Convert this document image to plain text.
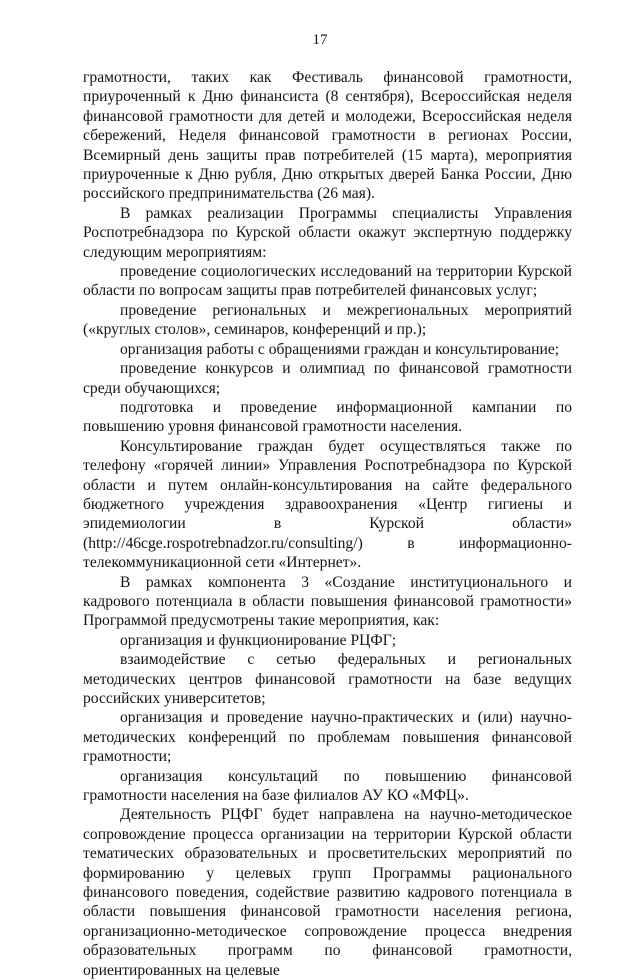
17

грамотности, таких как Фестиваль финансовой грамотности, приуроченный к Дню финансиста (8 сентября), Всероссийская неделя финансовой грамотности для детей и молодежи, Всероссийская неделя сбережений, Неделя финансовой грамотности в регионах России, Всемирный день защиты прав потребителей (15 марта), мероприятия приуроченные к Дню рубля, Дню открытых дверей Банка России, Дню российского предпринимательства (26 мая).

В рамках реализации Программы специалисты Управления Роспотребнадзора по Курской области окажут экспертную поддержку следующим мероприятиям:

проведение социологических исследований на территории Курской области по вопросам защиты прав потребителей финансовых услуг;

проведение региональных и межрегиональных мероприятий («круглых столов», семинаров, конференций и пр.);

организация работы с обращениями граждан и консультирование;

проведение конкурсов и олимпиад по финансовой грамотности среди обучающихся;

подготовка и проведение информационной кампании по повышению уровня финансовой грамотности населения.

Консультирование граждан будет осуществляться также по телефону «горячей линии» Управления Роспотребнадзора по Курской области и путем онлайн-консультирования на сайте федерального бюджетного учреждения здравоохранения «Центр гигиены и эпидемиологии в Курской области» (http://46cge.rospotrebnadzor.ru/consulting/) в информационно-телекоммуникационной сети «Интернет».

В рамках компонента 3 «Создание институционального и кадрового потенциала в области повышения финансовой грамотности» Программой предусмотрены такие мероприятия, как:

организация и функционирование РЦФГ;

взаимодействие с сетью федеральных и региональных методических центров финансовой грамотности на базе ведущих российских университетов;

организация и проведение научно-практических и (или) научно-методических конференций по проблемам повышения финансовой грамотности;

организация консультаций по повышению финансовой грамотности населения на базе филиалов АУ КО «МФЦ».

Деятельность РЦФГ будет направлена на научно-методическое сопровождение процесса организации на территории Курской области тематических образовательных и просветительских мероприятий по формированию у целевых групп Программы рационального финансового поведения, содействие развитию кадрового потенциала в области повышения финансовой грамотности населения региона, организационно-методическое сопровождение процесса внедрения образовательных программ по финансовой грамотности, ориентированных на целевые
